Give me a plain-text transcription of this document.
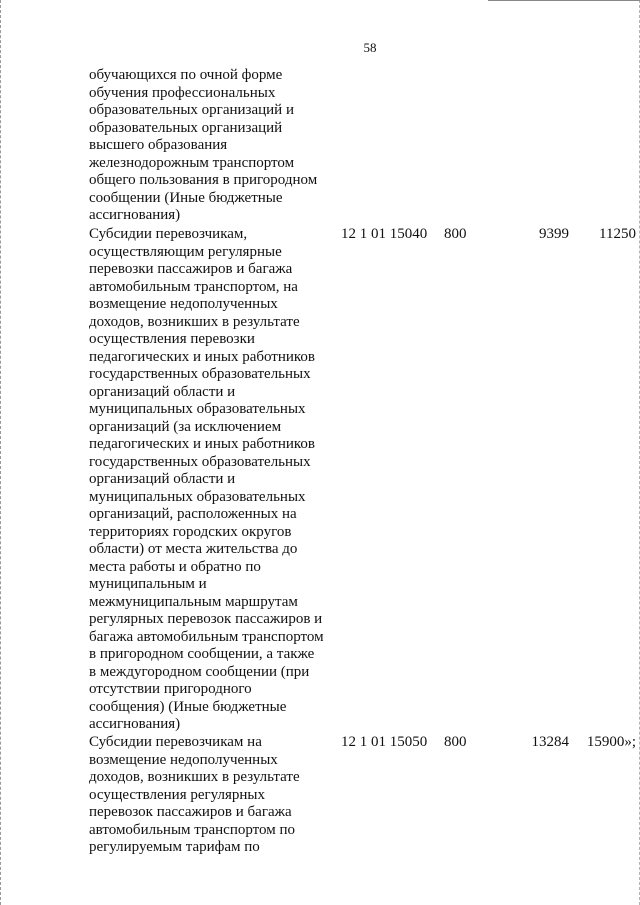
58
обучающихся по очной форме
обучения профессиональных
образовательных организаций и
образовательных организаций
высшего образования
железнодорожным транспортом
общего пользования в пригородном
сообщении (Иные бюджетные
ассигнования)
Субсидии перевозчикам,
осуществляющим регулярные
перевозки пассажиров и багажа
автомобильным транспортом, на
возмещение недополученных
доходов, возникших в результате
осуществления перевозки
педагогических и иных работников
государственных образовательных
организаций области и
муниципальных образовательных
организаций (за исключением
педагогических и иных работников
государственных образовательных
организаций области и
муниципальных образовательных
организаций, расположенных на
территориях городских округов
области) от места жительства до
места работы и обратно по
муниципальным и
межмуниципальным маршрутам
регулярных перевозок пассажиров и
багажа автомобильным транспортом
в пригородном сообщении, а также
в междугородном сообщении (при
отсутствии пригородного
сообщения) (Иные бюджетные
ассигнования)
12 1 01 15040 800	9399	11250
Субсидии перевозчикам на
возмещение недополученных
доходов, возникших в результате
осуществления регулярных
перевозок пассажиров и багажа
автомобильным транспортом по
регулируемым тарифам по
12 1 01 15050 800	13284	15900»;
